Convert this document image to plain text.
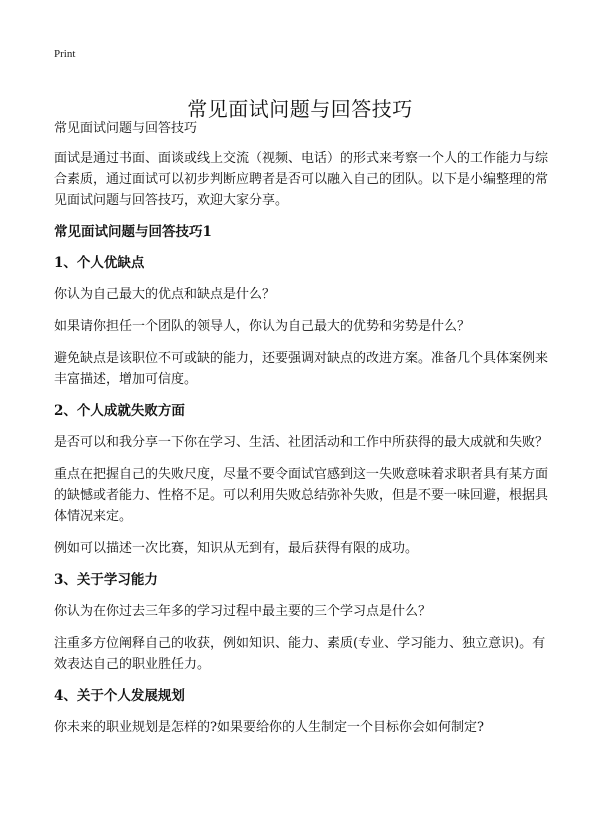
Print
常见面试问题与回答技巧

常见面试问题与回答技巧

面试是通过书面、面谈或线上交流（视频、电话）的形式来考察一个人的工作能力与综合素质，通过面试可以初步判断应聘者是否可以融入自己的团队。以下是小编整理的常见面试问题与回答技巧，欢迎大家分享。

常见面试问题与回答技巧1
1、个人优缺点

你认为自己最大的优点和缺点是什么？

如果请你担任一个团队的领导人，你认为自己最大的优势和劣势是什么？

避免缺点是该职位不可或缺的能力，还要强调对缺点的改进方案。准备几个具体案例来丰富描述，增加可信度。

2、个人成就失败方面

是否可以和我分享一下你在学习、生活、社团活动和工作中所获得的最大成就和失败？

重点在把握自己的失败尺度，尽量不要令面试官感到这一失败意味着求职者具有某方面的缺憾或者能力、性格不足。可以利用失败总结弥补失败，但是不要一味回避，根据具体情况来定。

例如可以描述一次比赛，知识从无到有，最后获得有限的成功。

3、关于学习能力

你认为在你过去三年多的学习过程中最主要的三个学习点是什么？

注重多方位阐释自己的收获，例如知识、能力、素质(专业、学习能力、独立意识)。有效表达自己的职业胜任力。

4、关于个人发展规划

你未来的职业规划是怎样的?如果要给你的人生制定一个目标你会如何制定?
